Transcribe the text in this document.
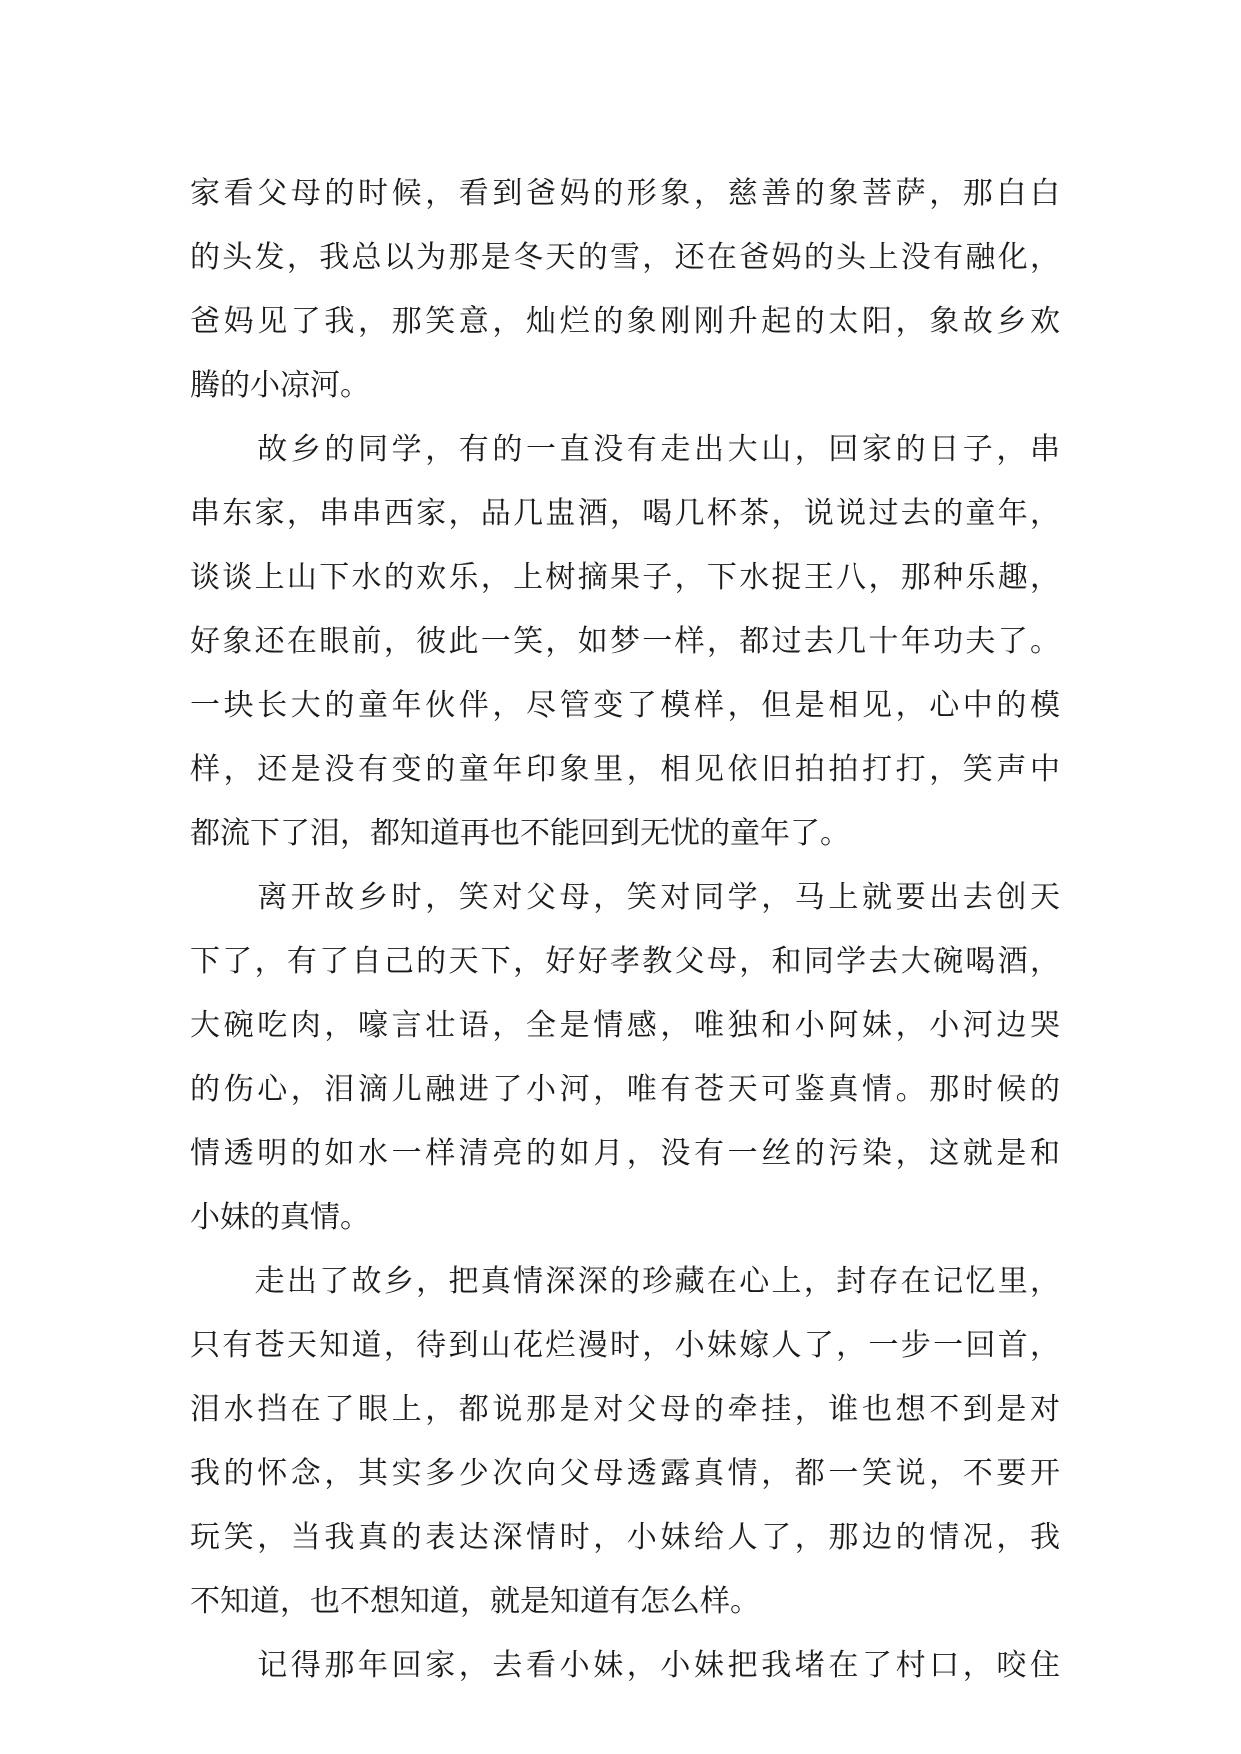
家看父母的时候，看到爸妈的形象，慈善的象菩萨，那白白
的头发，我总以为那是冬天的雪，还在爸妈的头上没有融化，
爸妈见了我，那笑意，灿烂的象刚刚升起的太阳，象故乡欢
腾的小凉河。
　　故乡的同学，有的一直没有走出大山，回家的日子，串
串东家，串串西家，品几盅酒，喝几杯茶，说说过去的童年，
谈谈上山下水的欢乐，上树摘果子，下水捉王八，那种乐趣，
好象还在眼前，彼此一笑，如梦一样，都过去几十年功夫了。
一块长大的童年伙伴，尽管变了模样，但是相见，心中的模
样，还是没有变的童年印象里，相见依旧拍拍打打，笑声中
都流下了泪，都知道再也不能回到无忧的童年了。
　　离开故乡时，笑对父母，笑对同学，马上就要出去创天
下了，有了自己的天下，好好孝教父母，和同学去大碗喝酒，
大碗吃肉，嚎言壮语，全是情感，唯独和小阿妹，小河边哭
的伤心，泪滴儿融进了小河，唯有苍天可鉴真情。那时候的
情透明的如水一样清亮的如月，没有一丝的污染，这就是和
小妹的真情。
　　走出了故乡，把真情深深的珍藏在心上，封存在记忆里，
只有苍天知道，待到山花烂漫时，小妹嫁人了，一步一回首，
泪水挡在了眼上，都说那是对父母的牵挂，谁也想不到是对
我的怀念，其实多少次向父母透露真情，都一笑说，不要开
玩笑，当我真的表达深情时，小妹给人了，那边的情况，我
不知道，也不想知道，就是知道有怎么样。
　　记得那年回家，去看小妹，小妹把我堵在了村口，咬住
